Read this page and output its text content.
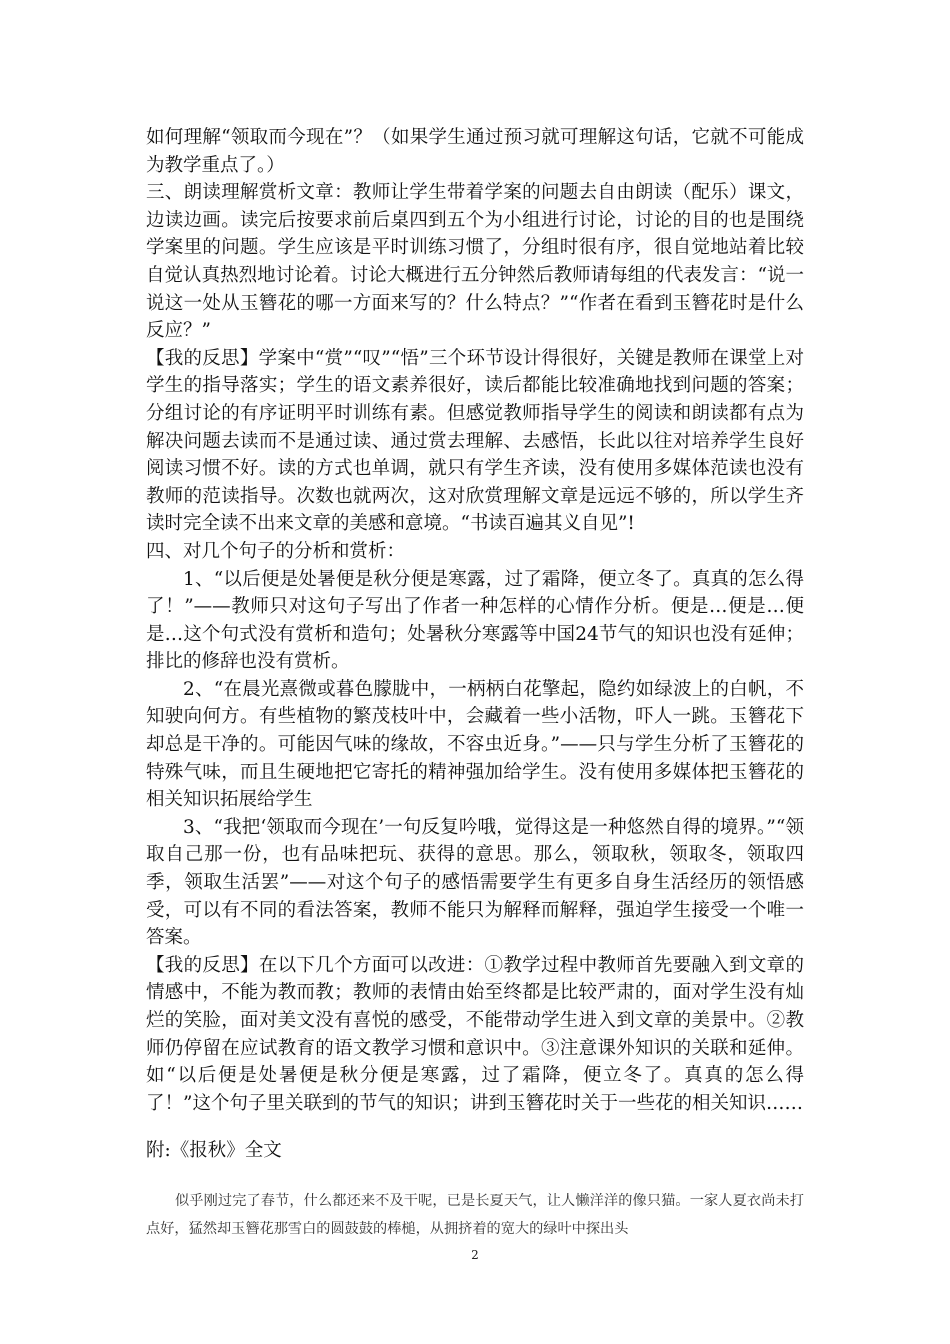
如何理解“领取而今现在”？（如果学生通过预习就可理解这句话，它就不可能成为教学重点了。）

三、朗读理解赏析文章：教师让学生带着学案的问题去自由朗读（配乐）课文，边读边画。读完后按要求前后桌四到五个为小组进行讨论，讨论的目的也是围绕学案里的问题。学生应该是平时训练习惯了，分组时很有序，很自觉地站着比较自觉认真热烈地讨论着。讨论大概进行五分钟然后教师请每组的代表发言：“说一说这一处从玉簪花的哪一方面来写的？什么特点？”“作者在看到玉簪花时是什么反应？”

【我的反思】学案中“赏”“叹”“悟”三个环节设计得很好，关键是教师在课堂上对学生的指导落实；学生的语文素养很好，读后都能比较准确地找到问题的答案；分组讨论的有序证明平时训练有素。但感觉教师指导学生的阅读和朗读都有点为解决问题去读而不是通过读、通过赏去理解、去感悟，长此以往对培养学生良好阅读习惯不好。读的方式也单调，就只有学生齐读，没有使用多媒体范读也没有教师的范读指导。次数也就两次，这对欣赏理解文章是远远不够的，所以学生齐读时完全读不出来文章的美感和意境。“书读百遍其义自见”!

四、对几个句子的分析和赏析：

1、“以后便是处暑便是秋分便是寒露，过了霜降，便立冬了。真真的怎么得了！”——教师只对这句子写出了作者一种怎样的心情作分析。便是…便是…便是…这个句式没有赏析和造句；处暑秋分寒露等中国24节气的知识也没有延伸；排比的修辞也没有赏析。

2、“在晨光熹微或暮色朦胧中，一柄柄白花擎起，隐约如绿波上的白帆，不知驶向何方。有些植物的繁茂枝叶中，会藏着一些小活物，吓人一跳。玉簪花下却总是干净的。可能因气味的缘故，不容虫近身。”——只与学生分析了玉簪花的特殊气味，而且生硬地把它寄托的精神强加给学生。没有使用多媒体把玉簪花的相关知识拓展给学生

3、“我把‘领取而今现在’一句反复吟哦，觉得这是一种悠然自得的境界。”“领取自己那一份，也有品味把玩、获得的意思。那么，领取秋，领取冬，领取四季，领取生活罢”——对这个句子的感悟需要学生有更多自身生活经历的领悟感受，可以有不同的看法答案，教师不能只为解释而解释，强迫学生接受一个唯一答案。

【我的反思】在以下几个方面可以改进：①教学过程中教师首先要融入到文章的情感中，不能为教而教；教师的表情由始至终都是比较严肃的，面对学生没有灿烂的笑脸，面对美文没有喜悦的感受，不能带动学生进入到文章的美景中。②教师仍停留在应试教育的语文教学习惯和意识中。③注意课外知识的关联和延伸。如“以后便是处暑便是秋分便是寒露，过了霜降，便立冬了。真真的怎么得了！”这个句子里关联到的节气的知识；讲到玉簪花时关于一些花的相关知识……

附:《报秋》全文

似乎刚过完了春节，什么都还来不及干呢，已是长夏天气，让人懒洋洋的像只猫。一家人夏衣尚未打点好，猛然却玉簪花那雪白的圆鼓鼓的棒槌，从拥挤着的宽大的绿叶中探出头

2
